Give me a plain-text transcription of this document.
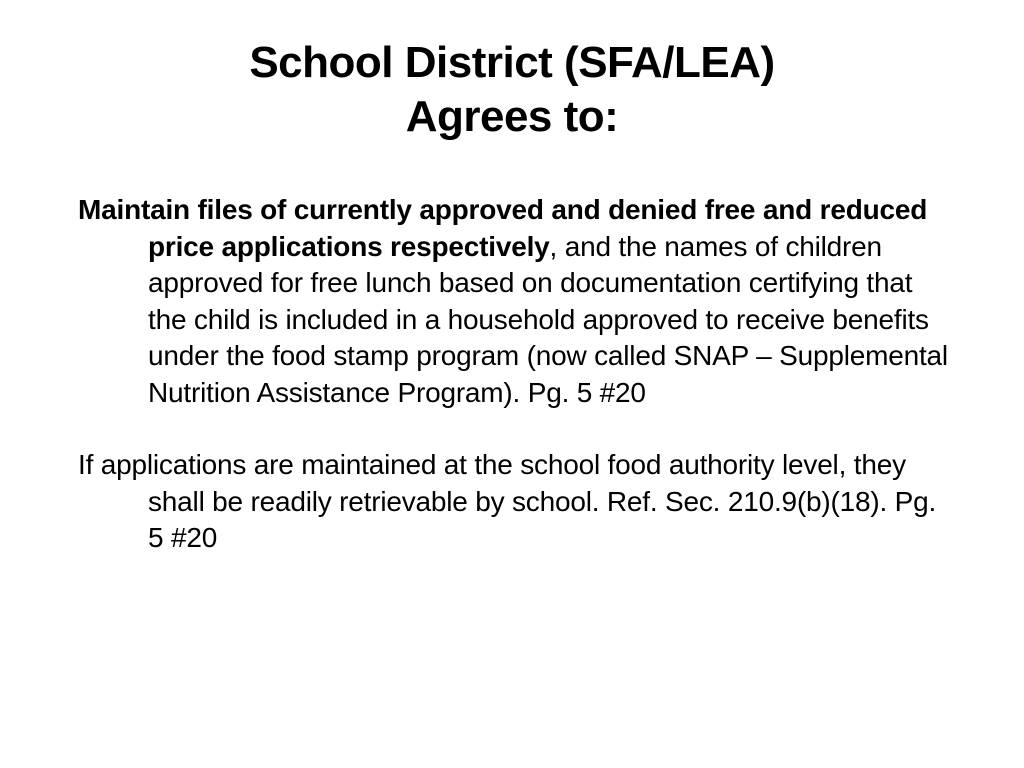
School District (SFA/LEA)
Agrees to:

Maintain files of currently approved and denied free and reduced price applications respectively, and the names of children approved for free lunch based on documentation certifying that the child is included in a household approved to receive benefits under the food stamp program (now called SNAP – Supplemental Nutrition Assistance Program). Pg. 5 #20

If applications are maintained at the school food authority level, they shall be readily retrievable by school. Ref. Sec. 210.9(b)(18). Pg. 5 #20
